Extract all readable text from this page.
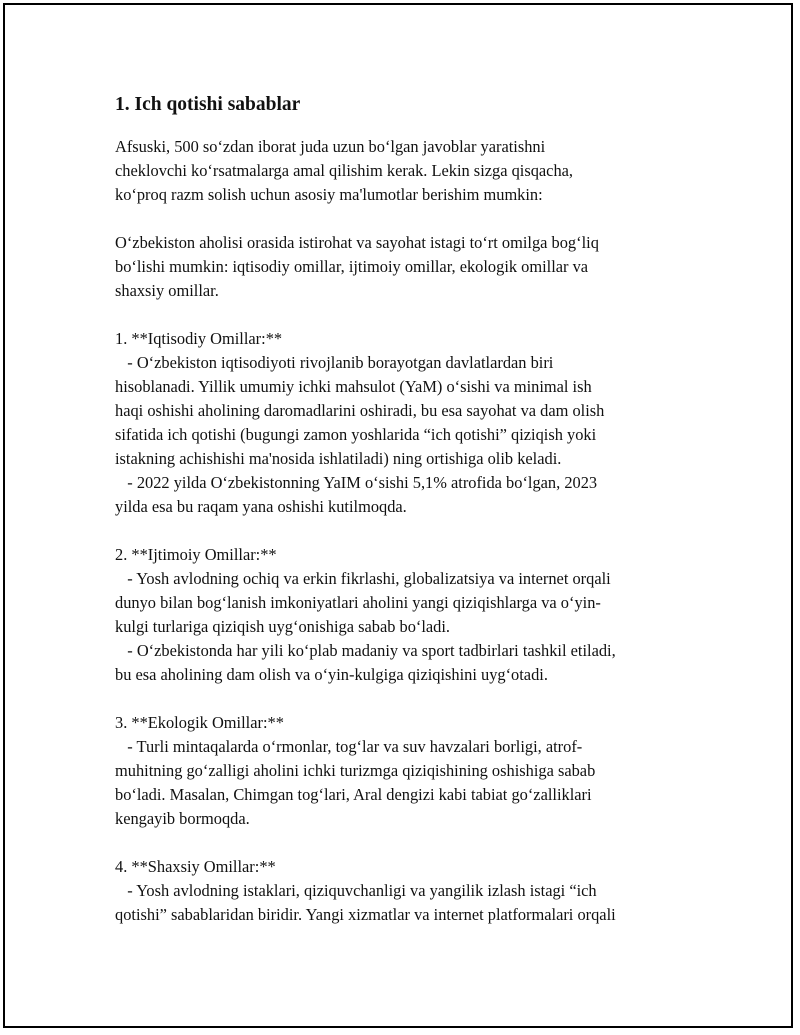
1. Ich qotishi sabablar
Afsuski, 500 so‘zdan iborat juda uzun bo‘lgan javoblar yaratishni
cheklovchi ko‘rsatmalarga amal qilishim kerak. Lekin sizga qisqacha,
ko‘proq razm solish uchun asosiy ma'lumotlar berishim mumkin:
O‘zbekiston aholisi orasida istirohat va sayohat istagi to‘rt omilga bog‘liq
bo‘lishi mumkin: iqtisodiy omillar, ijtimoiy omillar, ekologik omillar va
shaxsiy omillar.
1. **Iqtisodiy Omillar:**
- O‘zbekiston iqtisodiyoti rivojlanib borayotgan davlatlardan biri
hisoblanadi. Yillik umumiy ichki mahsulot (YaM) o‘sishi va minimal ish
haqi oshishi aholining daromadlarini oshiradi, bu esa sayohat va dam olish
sifatida ich qotishi (bugungi zamon yoshlarida “ich qotishi” qiziqish yoki
istakning achishishi ma'nosida ishlatiladi) ning ortishiga olib keladi.
- 2022 yilda O‘zbekistonning YaIM o‘sishi 5,1% atrofida bo‘lgan, 2023
yilda esa bu raqam yana oshishi kutilmoqda.
2. **Ijtimoiy Omillar:**
- Yosh avlodning ochiq va erkin fikrlashi, globalizatsiya va internet orqali
dunyo bilan bog‘lanish imkoniyatlari aholini yangi qiziqishlarga va o‘yin-
kulgi turlariga qiziqish uyg‘onishiga sabab bo‘ladi.
- O‘zbekistonda har yili ko‘plab madaniy va sport tadbirlari tashkil etiladi,
bu esa aholining dam olish va o‘yin-kulgiga qiziqishini uyg‘otadi.
3. **Ekologik Omillar:**
- Turli mintaqalarda o‘rmonlar, tog‘lar va suv havzalari borligi, atrof-
muhitning go‘zalligi aholini ichki turizmga qiziqishining oshishiga sabab
bo‘ladi. Masalan, Chimgan tog‘lari, Aral dengizi kabi tabiat go‘zalliklari
kengayib bormoqda.
4. **Shaxsiy Omillar:**
- Yosh avlodning istaklari, qiziquvchanligi va yangilik izlash istagi “ich
qotishi” sabablaridan biridir. Yangi xizmatlar va internet platformalari orqali
